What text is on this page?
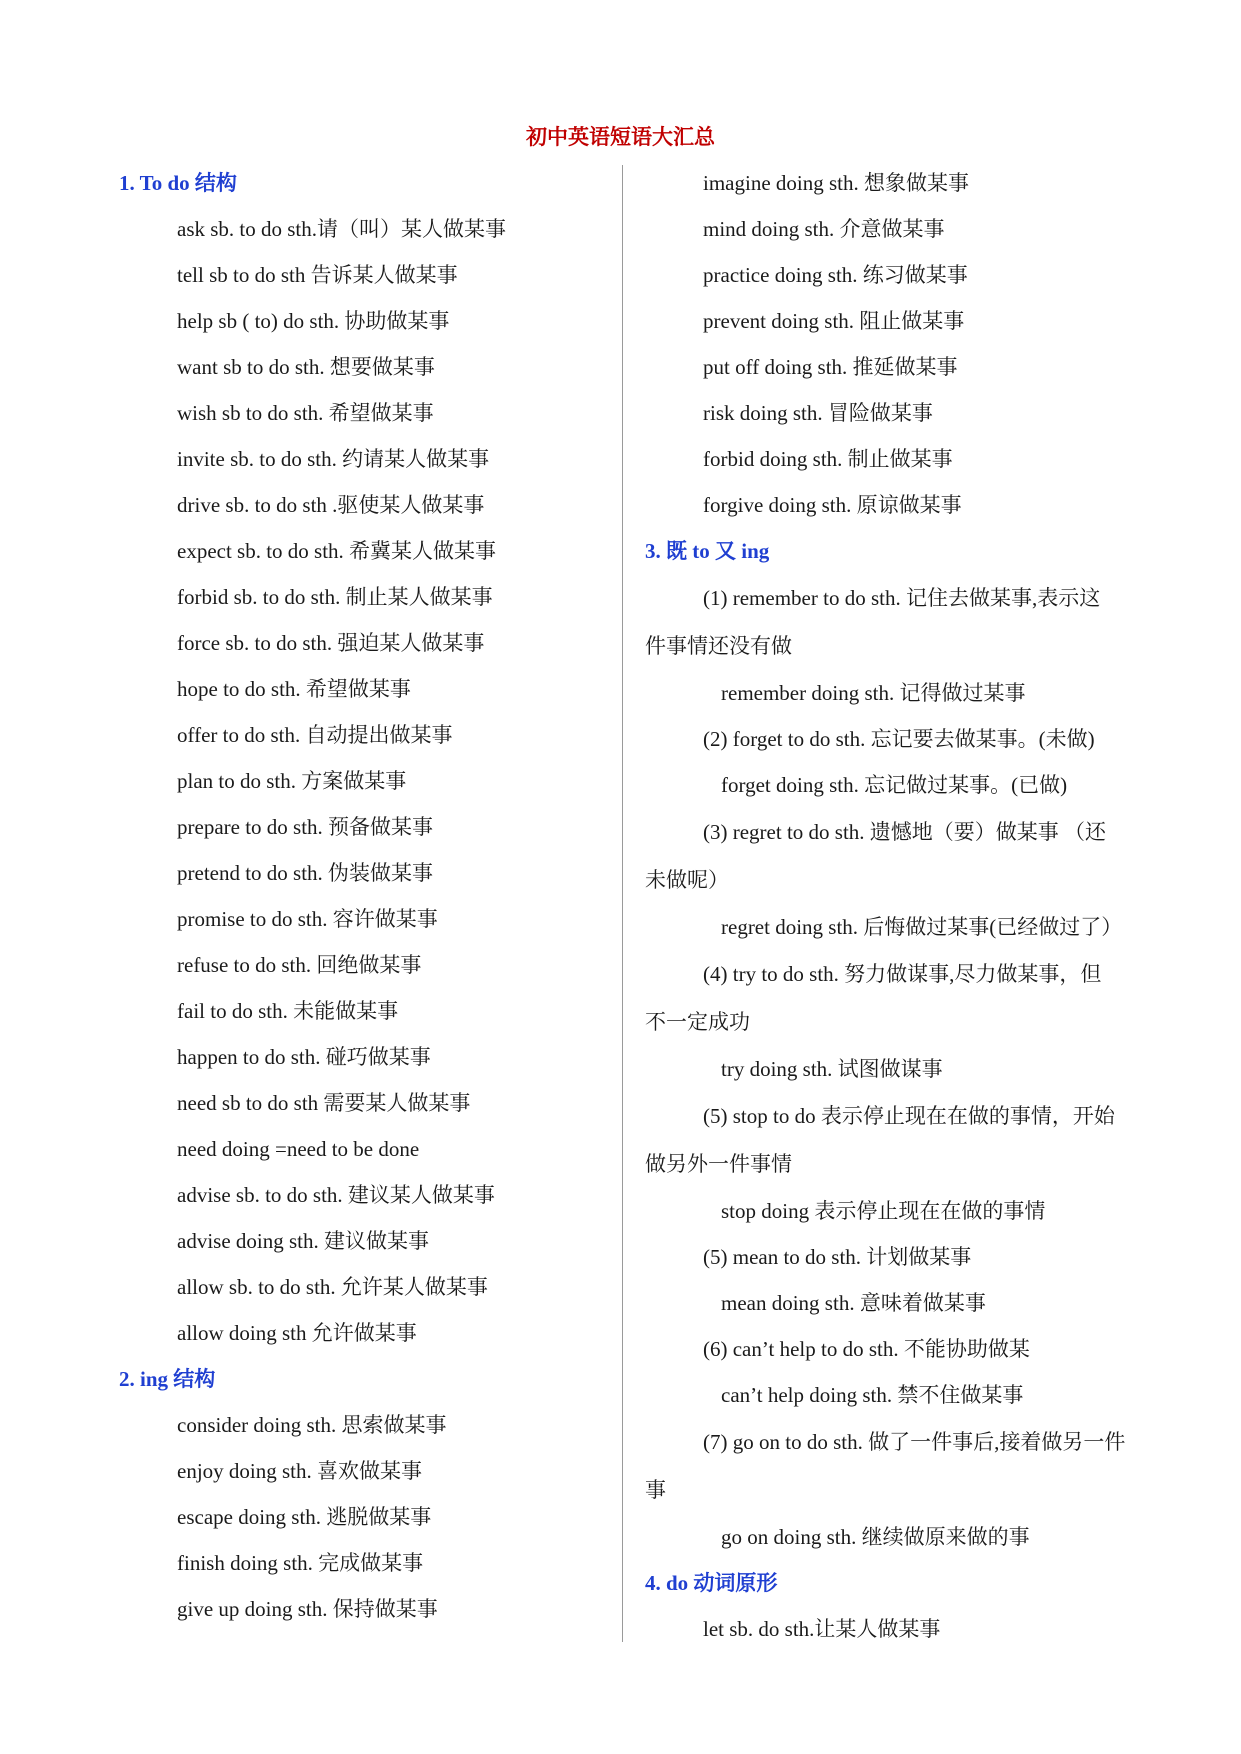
初中英语短语大汇总
1. To do 结构
ask sb. to do sth.请（叫）某人做某事
tell sb to do sth 告诉某人做某事
help sb ( to) do sth. 协助做某事
want sb to do sth. 想要做某事
wish sb to do sth. 希望做某事
invite sb. to do sth. 约请某人做某事
drive sb. to do sth .驱使某人做某事
expect sb. to do sth. 希冀某人做某事
forbid sb. to do sth. 制止某人做某事
force sb. to do sth. 强迫某人做某事
hope to do sth. 希望做某事
offer to do sth. 自动提出做某事
plan to do sth. 方案做某事
prepare to do sth. 预备做某事
pretend to do sth. 伪装做某事
promise to do sth. 容许做某事
refuse to do sth. 回绝做某事
fail to do sth. 未能做某事
happen to do sth. 碰巧做某事
need sb to do sth 需要某人做某事
need doing =need to be done
advise sb. to do sth. 建议某人做某事
advise doing sth. 建议做某事
allow sb. to do sth. 允许某人做某事
allow doing sth 允许做某事
2. ing 结构
consider doing sth. 思索做某事
enjoy doing sth. 喜欢做某事
escape doing sth. 逃脱做某事
finish doing sth. 完成做某事
give up doing sth. 保持做某事
imagine doing sth. 想象做某事
mind doing sth. 介意做某事
practice doing sth. 练习做某事
prevent doing sth. 阻止做某事
put off doing sth. 推延做某事
risk doing sth. 冒险做某事
forbid doing sth. 制止做某事
forgive doing sth. 原谅做某事
3. 既 to 又 ing
(1) remember to do sth. 记住去做某事,表示这
件事情还没有做
remember doing sth. 记得做过某事
(2) forget to do sth. 忘记要去做某事。(未做)
forget doing sth. 忘记做过某事。(已做)
(3) regret to do sth. 遗憾地（要）做某事 （还
未做呢）
regret doing sth. 后悔做过某事(已经做过了）
(4) try to do sth. 努力做谋事,尽力做某事，但
不一定成功
try doing sth. 试图做谋事
(5) stop to do 表示停止现在在做的事情，开始
做另外一件事情
stop doing 表示停止现在在做的事情
(5) mean to do sth. 计划做某事
mean doing sth. 意味着做某事
(6) can’t help to do sth. 不能协助做某
can’t help doing sth. 禁不住做某事
(7) go on to do sth. 做了一件事后,接着做另一件
事
go on doing sth. 继续做原来做的事
4. do 动词原形
let sb. do sth.让某人做某事
